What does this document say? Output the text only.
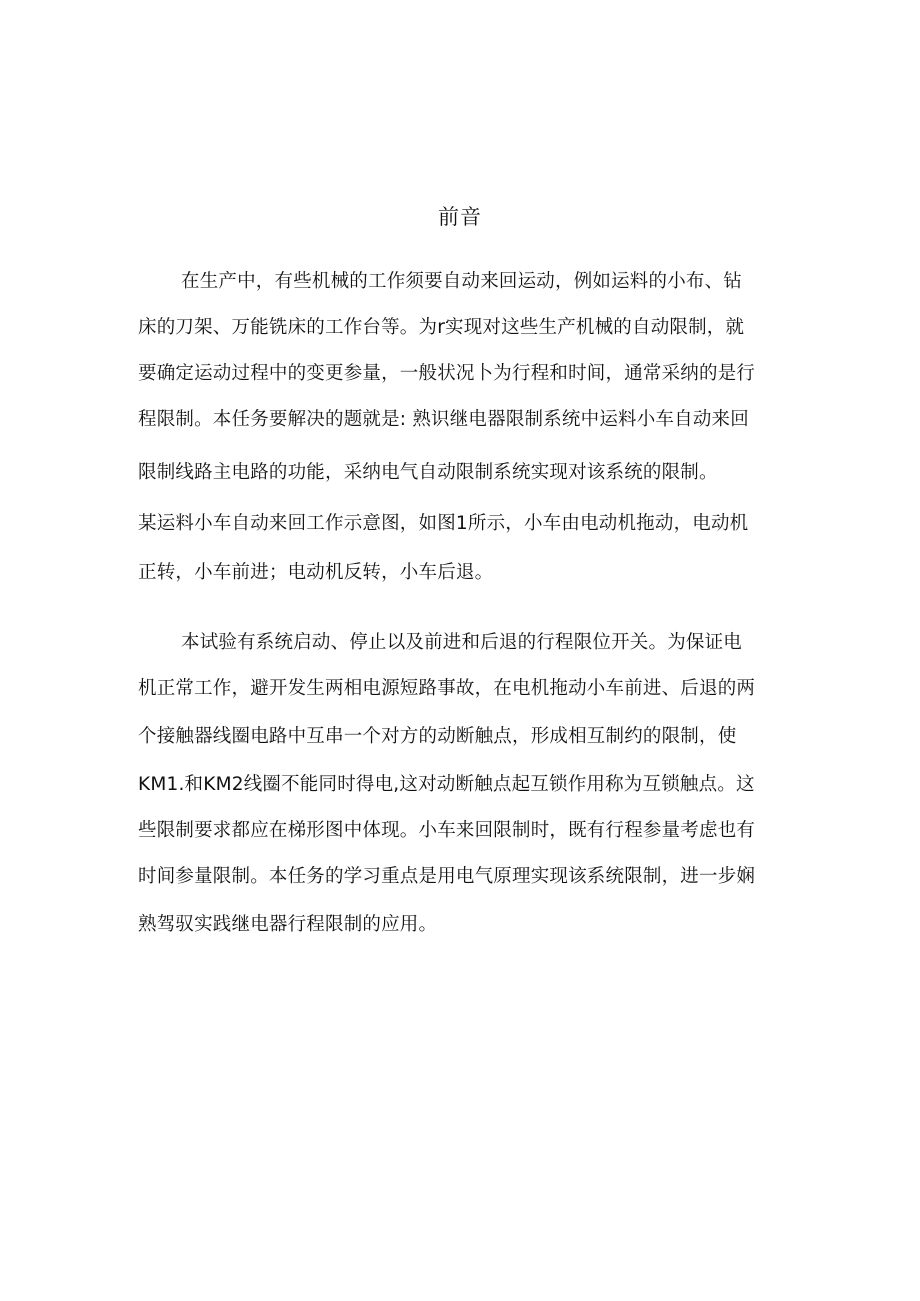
前音
在生产中，有些机械的工作须要自动来回运动，例如运料的小布、钻
床的刀架、万能铣床的工作台等。为r实现对这些生产机械的自动限制，就
要确定运动过程中的变更参量，一般状况卜为行程和时间，通常采纳的是行
程限制。本任务要解决的题就是: 熟识继电器限制系统中运料小车自动来回
限制线路主电路的功能，采纳电气自动限制系统实现对该系统的限制。
某运料小车自动来回工作示意图，如图1所示，小车由电动机拖动，电动机
正转，小车前进；电动机反转，小车后退。
本试验有系统启动、停止以及前进和后退的行程限位开关。为保证电
机正常工作，避开发生两相电源短路事故，在电机拖动小车前进、后退的两
个接触器线圈电路中互串一个对方的动断触点，形成相互制约的限制，使
KM1.和KM2线圈不能同时得电,这对动断触点起互锁作用称为互锁触点。这
些限制要求都应在梯形图中体现。小车来回限制时，既有行程参量考虑也有
时间参量限制。本任务的学习重点是用电气原理实现该系统限制，进一步娴
熟驾驭实践继电器行程限制的应用。
